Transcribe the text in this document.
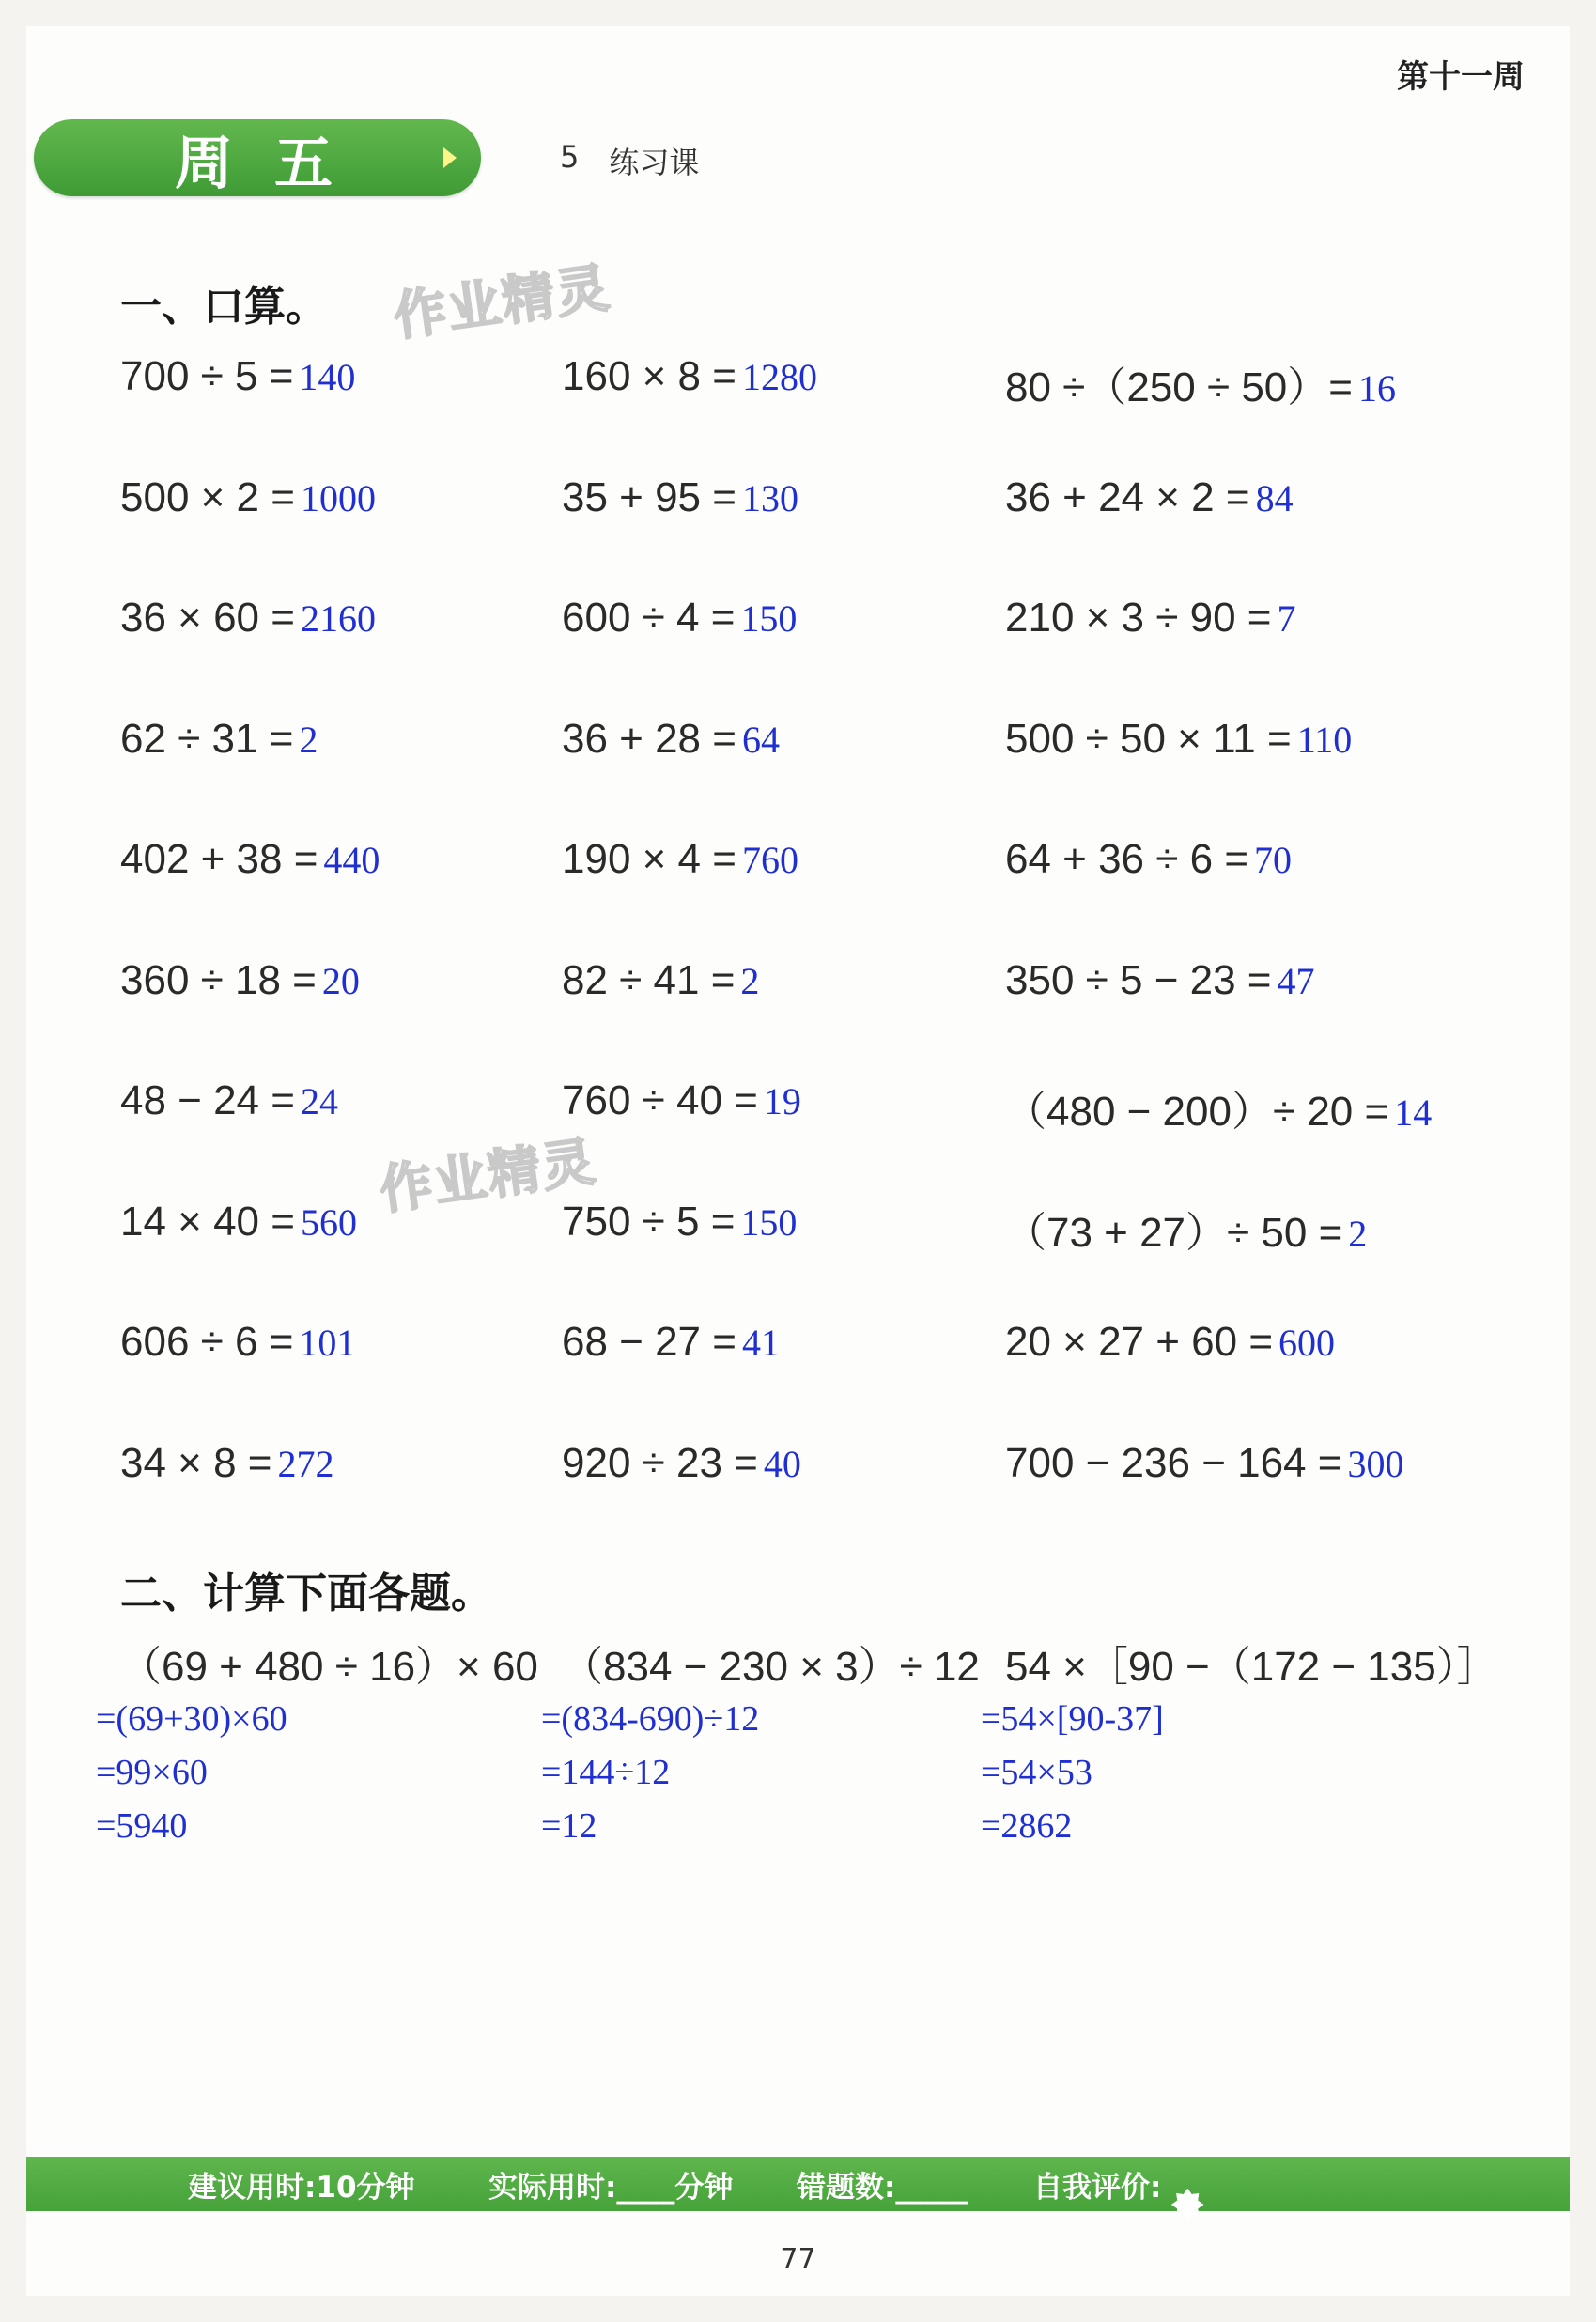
第十一周
周五	5 练习课
一、口算。 作业精灵
作业精灵
700 ÷ 5 = 140	160 × 8 = 1280	80 ÷（250 ÷ 50）= 16
500 × 2 = 1000	35 + 95 = 130	36 + 24 × 2 = 84
36 × 60 = 2160	600 ÷ 4 = 150	210 × 3 ÷ 90 = 7
62 ÷ 31 = 2	36 + 28 = 64	500 ÷ 50 × 11 = 110
402 + 38 = 440	190 × 4 = 760	64 + 36 ÷ 6 = 70
360 ÷ 18 = 20	82 ÷ 41 = 2	350 ÷ 5 − 23 = 47
48 − 24 = 24	760 ÷ 40 = 19	（480 − 200）÷ 20 = 14
14 × 40 = 560	750 ÷ 5 = 150	（73 + 27）÷ 50 = 2
606 ÷ 6 = 101	68 − 27 = 41	20 × 27 + 60 = 600
34 × 8 = 272	920 ÷ 23 = 40	700 − 236 − 164 = 300
二、计算下面各题。
（69 + 480 ÷ 16）× 60
=(69+30)×60
=99×60
=5940
（834 − 230 × 3）÷ 12
=(834-690)÷12
=144÷12
=12
54 ×［90 −（172 − 135）］
=54×[90-37]
=54×53
=2862
建议用时:10分钟	实际用时:____分钟 错题数:_____ 自我评价:
77
